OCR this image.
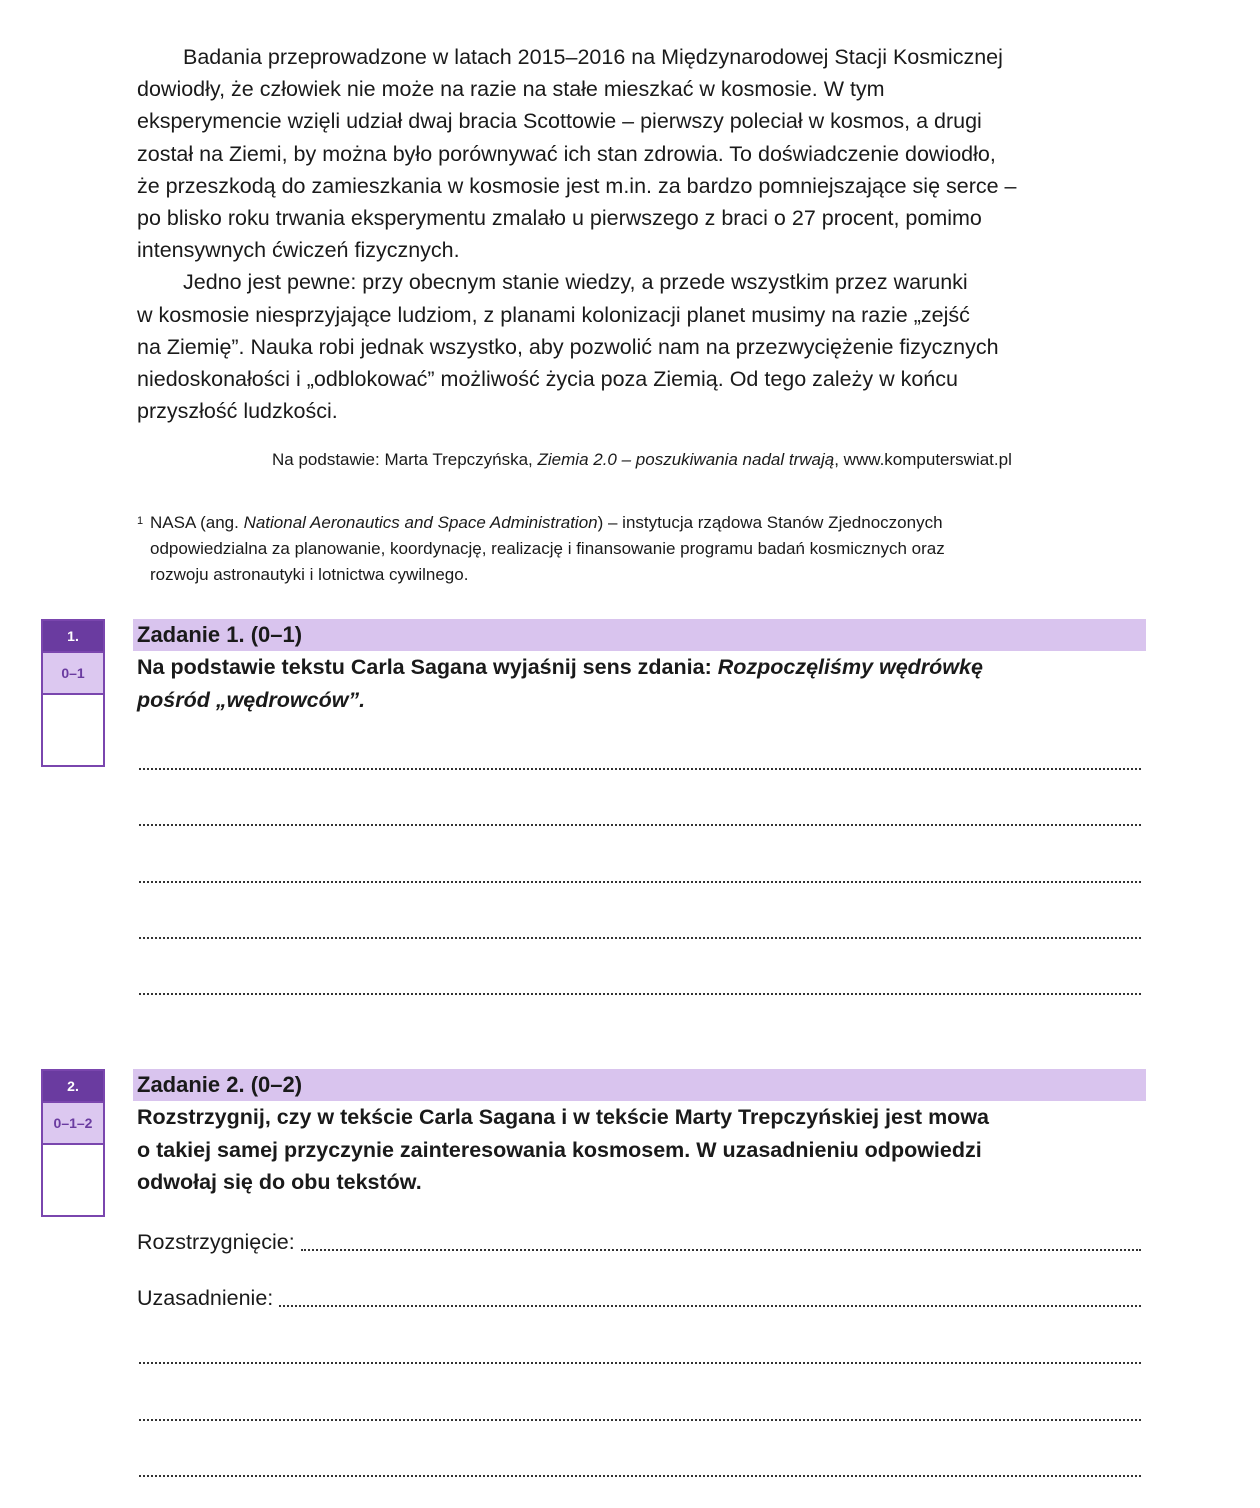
Badania przeprowadzone w latach 2015–2016 na Międzynarodowej Stacji Kosmicznej

dowiodły, że człowiek nie może na razie na stałe mieszkać w kosmosie. W tym

eksperymencie wzięli udział dwaj bracia Scottowie – pierwszy poleciał w kosmos, a drugi

został na Ziemi, by można było porównywać ich stan zdrowia. To doświadczenie dowiodło,

że przeszkodą do zamieszkania w kosmosie jest m.in. za bardzo pomniejszające się serce –

po blisko roku trwania eksperymentu zmalało u pierwszego z braci o 27 procent, pomimo

intensywnych ćwiczeń fizycznych.

Jedno jest pewne: przy obecnym stanie wiedzy, a przede wszystkim przez warunki

w kosmosie niesprzyjające ludziom, z planami kolonizacji planet musimy na razie „zejść

na Ziemię”. Nauka robi jednak wszystko, aby pozwolić nam na przezwyciężenie fizycznych

niedoskonałości i „odblokować” możliwość życia poza Ziemią. Od tego zależy w końcu

przyszłość ludzkości.

Na podstawie: Marta Trepczyńska, Ziemia 2.0 – poszukiwania nadal trwają, www.komputerswiat.pl
1 NASA (ang. National Aeronautics and Space Administration) – instytucja rządowa Stanów Zjednoczonych

odpowiedzialna za planowanie, koordynację, realizację i finansowanie programu badań kosmicznych oraz

rozwoju astronautyki i lotnictwa cywilnego.

1.
0–1
Zadanie 1. (0–1)

Na podstawie tekstu Carla Sagana wyjaśnij sens zdania: Rozpoczęliśmy wędrówkę

pośród „wędrowców”.

2.
0–1–2
Zadanie 2. (0–2)

Rozstrzygnij, czy w tekście Carla Sagana i w tekście Marty Trepczyńskiej jest mowa

o takiej samej przyczynie zainteresowania kosmosem. W uzasadnieniu odpowiedzi

odwołaj się do obu tekstów.

Rozstrzygnięcie:
Uzasadnienie:
